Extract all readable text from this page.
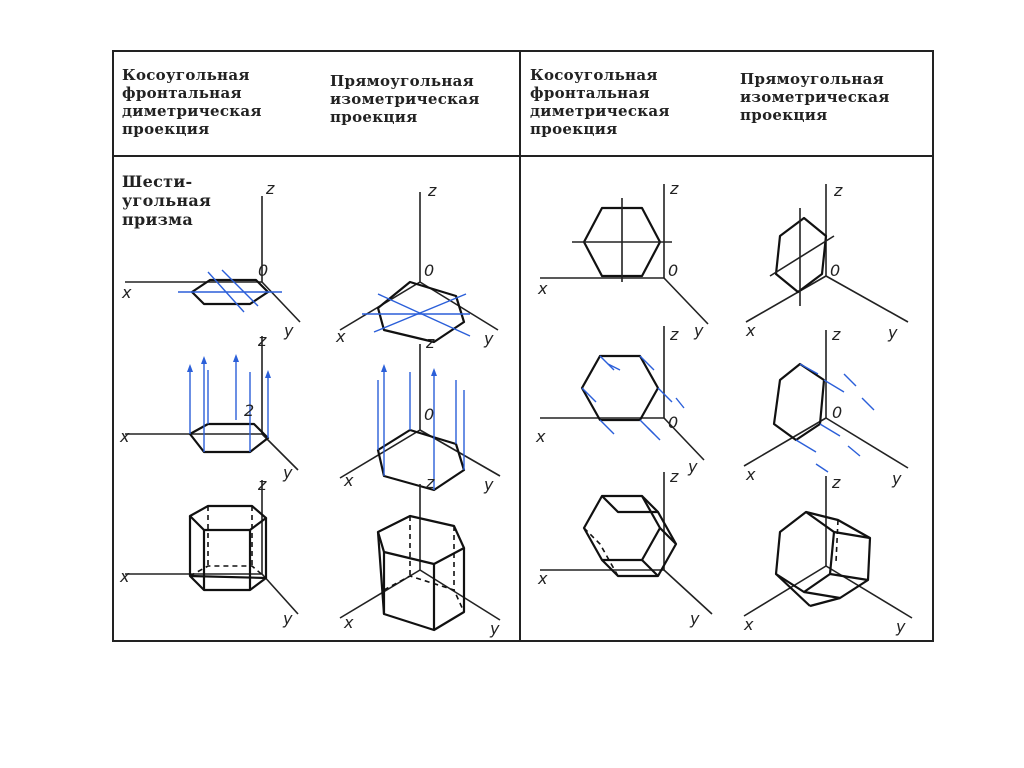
Косоугольная
фронтальная
диметрическая
проекция
Прямоугольная
изометрическая
проекция
Косоугольная
фронтальная
диметрическая
проекция
Прямоугольная
изометрическая
проекция
Шести-
угольная
призма
z
0
x
y
z
2
x
y
z
x
y
z
0
x	y
z
0
x	y
z
x	y
z
0
x
y
z
0
x
y
z
x
y
z
0
x	y
z
0
x	y
z
x	y
